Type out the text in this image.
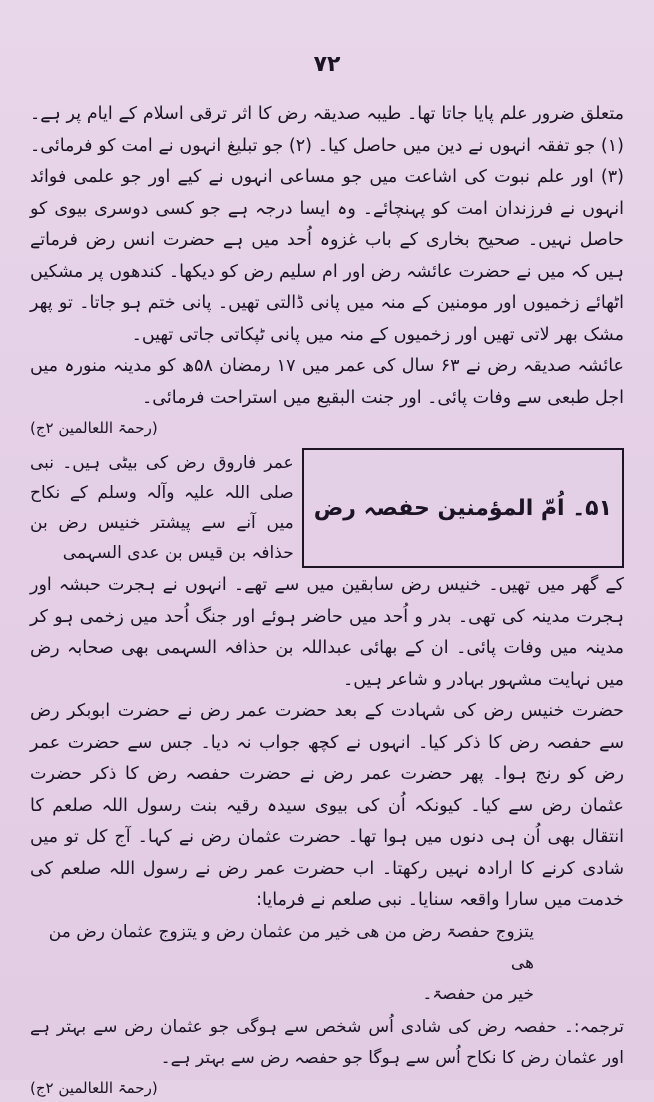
۷۲

متعلق ضرور علم پایا جاتا تھا۔ طیبہ صدیقہ رض کا اثر ترقی اسلام کے ایام پر ہے۔ (۱) جو تفقہ انہوں نے دین میں حاصل کیا۔ (۲) جو تبلیغ انہوں نے امت کو فرمائی۔ (۳) اور علم نبوت کی اشاعت میں جو مساعی انہوں نے کیے اور جو علمی فوائد انہوں نے فرزندان امت کو پہنچائے۔ وہ ایسا درجہ ہے جو کسی دوسری بیوی کو حاصل نہیں۔ صحیح بخاری کے باب غزوہ اُحد میں ہے حضرت انس رض فرماتے ہیں کہ میں نے حضرت عائشہ رض اور ام سلیم رض کو دیکھا۔ کندھوں پر مشکیں اٹھائے زخمیوں اور مومنین کے منہ میں پانی ڈالتی تھیں۔ پانی ختم ہو جاتا۔ تو پھر مشک بھر لاتی تھیں اور زخمیوں کے منہ میں پانی ٹپکاتی جاتی تھیں۔

عائشہ صدیقہ رض نے ۶۳ سال کی عمر میں ۱۷ رمضان ۵۸ھ کو مدینہ منورہ میں اجل طبعی سے وفات پائی۔ اور جنت البقیع میں استراحت فرمائی۔

(رحمۃ اللعالمین ۲ج)

۵۱۔ اُمّ المؤمنین حفصہ رض
عمر فاروق رض کی بیٹی ہیں۔ نبی صلی اللہ علیہ وآلہ وسلم کے نکاح میں آنے سے پیشتر خنیس رض بن حذافہ بن قیس بن عدی السہمی

کے گھر میں تھیں۔ خنیس رض سابقین میں سے تھے۔ انہوں نے ہجرت حبشہ اور ہجرت مدینہ کی تھی۔ بدر و اُحد میں حاضر ہوئے اور جنگ اُحد میں زخمی ہو کر مدینہ میں وفات پائی۔ ان کے بھائی عبداللہ بن حذافہ السہمی بھی صحابہ رض میں نہایت مشہور بہادر و شاعر ہیں۔

حضرت خنیس رض کی شہادت کے بعد حضرت عمر رض نے حضرت ابوبکر رض سے حفصہ رض کا ذکر کیا۔ انہوں نے کچھ جواب نہ دیا۔ جس سے حضرت عمر رض کو رنج ہوا۔ پھر حضرت عمر رض نے حضرت حفصہ رض کا ذکر حضرت عثمان رض سے کیا۔ کیونکہ اُن کی بیوی سیدہ رقیہ بنت رسول اللہ صلعم کا انتقال بھی اُن ہی دنوں میں ہوا تھا۔ حضرت عثمان رض نے کہا۔ آج کل تو میں شادی کرنے کا ارادہ نہیں رکھتا۔ اب حضرت عمر رض نے رسول اللہ صلعم کی خدمت میں سارا واقعہ سنایا۔ نبی صلعم نے فرمایا:

یتزوج حفصۃ رض من ھی خیر من عثمان رض و یتزوج عثمان رض من ھی

خیر من حفصۃ۔

ترجمہ:۔ حفصہ رض کی شادی اُس شخص سے ہوگی جو عثمان رض سے بہتر ہے اور عثمان رض کا نکاح اُس سے ہوگا جو حفصہ رض سے بہتر ہے۔

(رحمۃ اللعالمین ۲ج)
